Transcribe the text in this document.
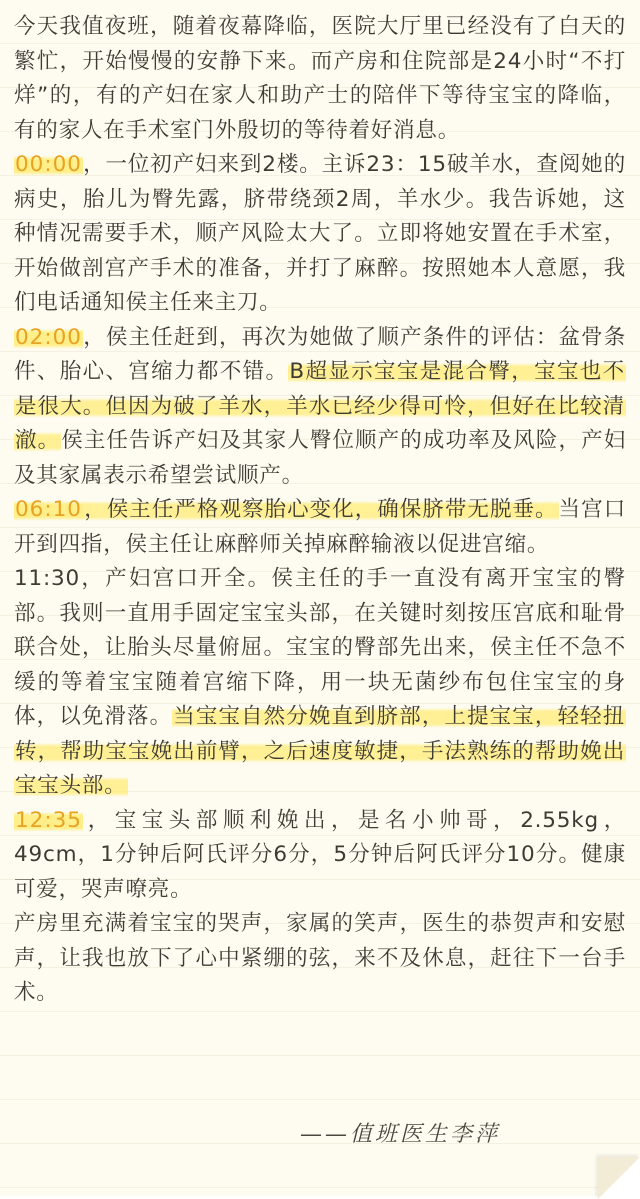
今天我值夜班，随着夜幕降临，医院大厅里已经没有了白天的繁忙，开始慢慢的安静下来。而产房和住院部是24小时“不打烊”的，有的产妇在家人和助产士的陪伴下等待宝宝的降临，有的家人在手术室门外殷切的等待着好消息。

00:00，一位初产妇来到2楼。主诉23：15破羊水，查阅她的病史，胎儿为臀先露，脐带绕颈2周，羊水少。我告诉她，这种情况需要手术，顺产风险太大了。立即将她安置在手术室，开始做剖宫产手术的准备，并打了麻醉。按照她本人意愿，我们电话通知侯主任来主刀。

02:00，侯主任赶到，再次为她做了顺产条件的评估：盆骨条件、胎心、宫缩力都不错。B超显示宝宝是混合臀，宝宝也不是很大。但因为破了羊水，羊水已经少得可怜，但好在比较清澈。侯主任告诉产妇及其家人臀位顺产的成功率及风险，产妇及其家属表示希望尝试顺产。

06:10，侯主任严格观察胎心变化，确保脐带无脱垂。当宫口开到四指，侯主任让麻醉师关掉麻醉输液以促进宫缩。

11:30，产妇宫口开全。侯主任的手一直没有离开宝宝的臀部。我则一直用手固定宝宝头部，在关键时刻按压宫底和耻骨联合处，让胎头尽量俯屈。宝宝的臀部先出来，侯主任不急不缓的等着宝宝随着宫缩下降，用一块无菌纱布包住宝宝的身体，以免滑落。当宝宝自然分娩直到脐部，上提宝宝，轻轻扭转，帮助宝宝娩出前臂，之后速度敏捷，手法熟练的帮助娩出宝宝头部。

12:35，宝宝头部顺利娩出，是名小帅哥，2.55kg，49cm，1分钟后阿氏评分6分，5分钟后阿氏评分10分。健康可爱，哭声嘹亮。

产房里充满着宝宝的哭声，家属的笑声，医生的恭贺声和安慰声，让我也放下了心中紧绷的弦，来不及休息，赶往下一台手术。

——值班医生李萍
